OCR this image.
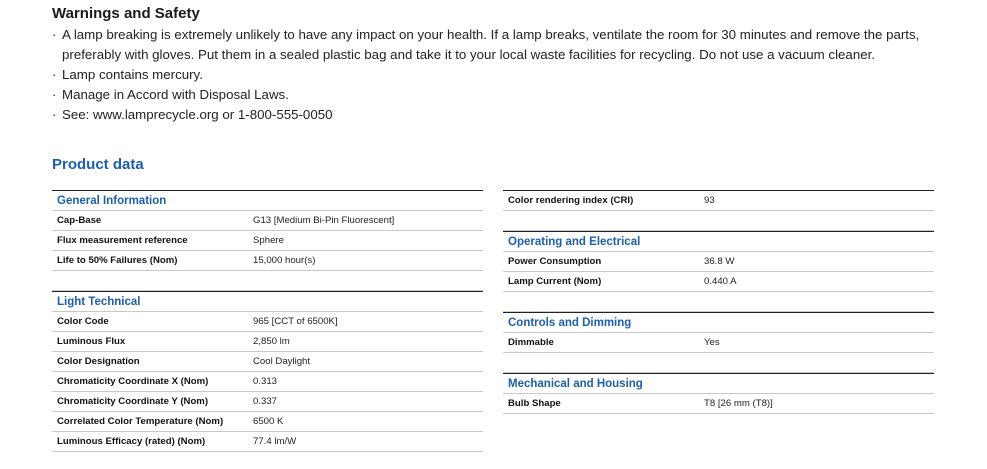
Warnings and Safety
· A lamp breaking is extremely unlikely to have any impact on your health. If a lamp breaks, ventilate the room for 30 minutes and remove the parts, preferably with gloves. Put them in a sealed plastic bag and take it to your local waste facilities for recycling. Do not use a vacuum cleaner.
· Lamp contains mercury.
· Manage in Accord with Disposal Laws.
· See: www.lamprecycle.org or 1-800-555-0050
Product data
General Information
Cap-Base	G13 [Medium Bi-Pin Fluorescent]
Flux measurement reference	Sphere
Life to 50% Failures (Nom)	15,000 hour(s)
Light Technical
Color Code	965 [CCT of 6500K]
Luminous Flux	2,850 lm
Color Designation	Cool Daylight
Chromaticity Coordinate X (Nom)	0.313
Chromaticity Coordinate Y (Nom)	0.337
Correlated Color Temperature (Nom)	6500 K
Luminous Efficacy (rated) (Nom)	77.4 lm/W
Color rendering index (CRI)	93
Operating and Electrical
Power Consumption	36.8 W
Lamp Current (Nom)	0.440 A
Controls and Dimming
Dimmable	Yes
Mechanical and Housing
Bulb Shape	T8 [26 mm (T8)]
